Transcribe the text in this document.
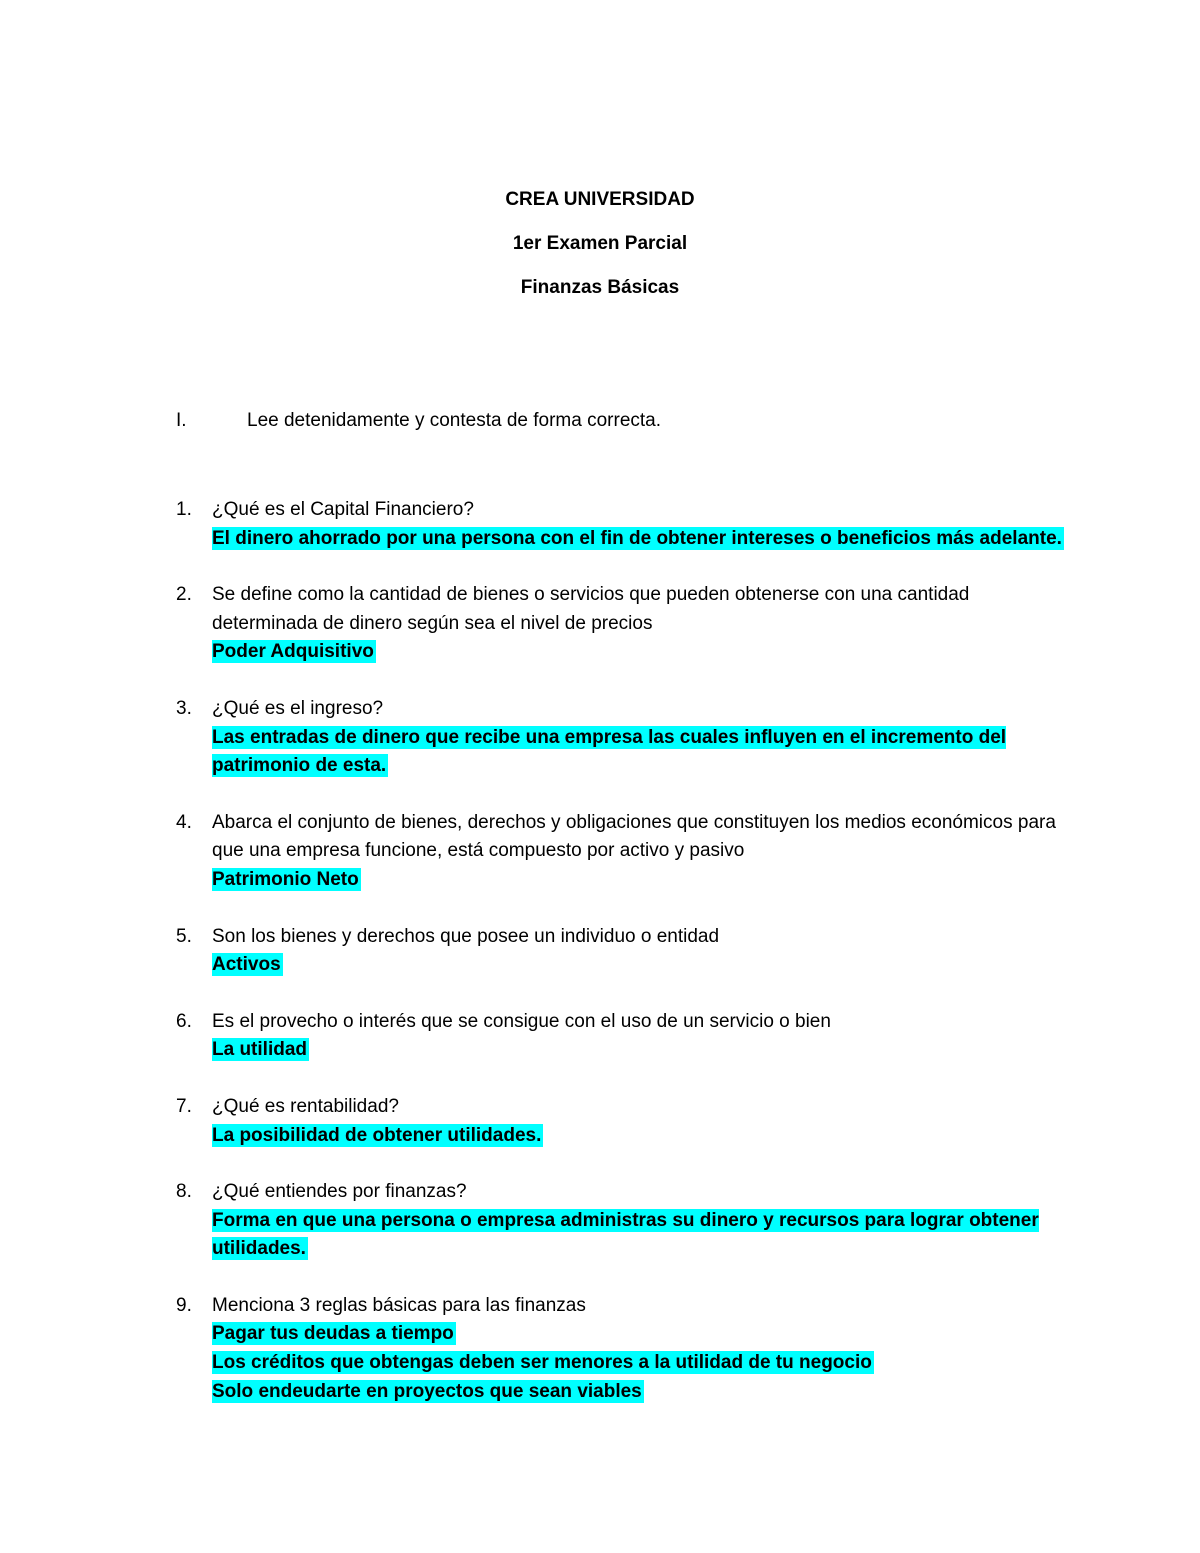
CREA UNIVERSIDAD
1er Examen Parcial
Finanzas Básicas
I.	Lee detenidamente y contesta de forma correcta.
1.	¿Qué es el Capital Financiero?
El dinero ahorrado por una persona con el fin de obtener intereses o beneficios más adelante.
2.	Se define como la cantidad de bienes o servicios que pueden obtenerse con una cantidad determinada de dinero según sea el nivel de precios
Poder Adquisitivo
3.	¿Qué es el ingreso?
Las entradas de dinero que recibe una empresa las cuales influyen en el incremento del patrimonio de esta.
4.	Abarca el conjunto de bienes, derechos y obligaciones que constituyen los medios económicos para que una empresa funcione, está compuesto por activo y pasivo
Patrimonio Neto
5.	Son los bienes y derechos que posee un individuo o entidad
Activos
6.	Es el provecho o interés que se consigue con el uso de un servicio o bien
La utilidad
7.	¿Qué es rentabilidad?
La posibilidad de obtener utilidades.
8.	¿Qué entiendes por finanzas?
Forma en que una persona o empresa administras su dinero y recursos para lograr obtener utilidades.
9.	Menciona 3 reglas básicas para las finanzas
Pagar tus deudas a tiempo
Los créditos que obtengas deben ser menores a la utilidad de tu negocio
Solo endeudarte en proyectos que sean viables
